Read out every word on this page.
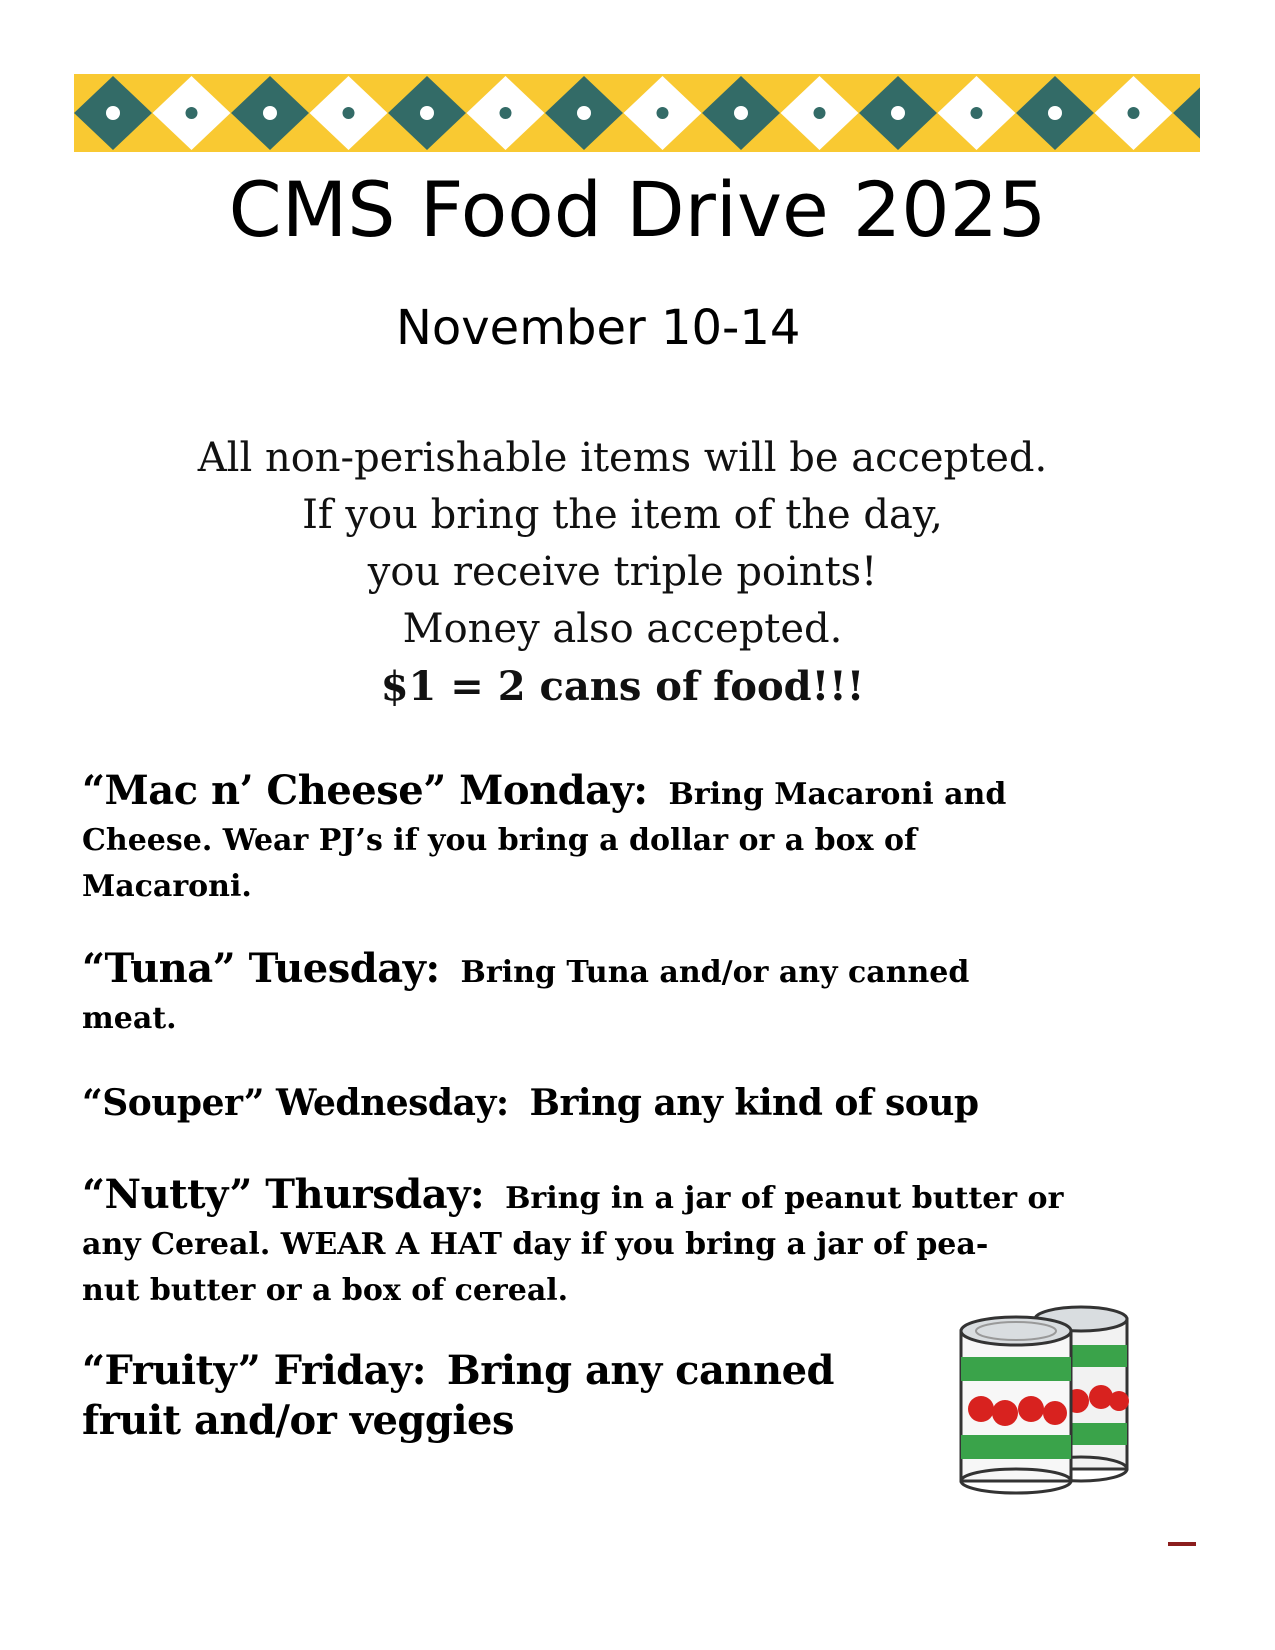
CMS Food Drive 2025
November 10-14
All non-perishable items will be accepted.
If you bring the item of the day,
you receive triple points!
Money also accepted.
$1 = 2 cans of food!!!
“Mac n’ Cheese” Monday: Bring Macaroni and
Cheese. Wear PJ’s if you bring a dollar or a box of
Macaroni.
“Tuna” Tuesday: Bring Tuna and/or any canned
meat.
“Souper” Wednesday: Bring any kind of soup
“Nutty” Thursday: Bring in a jar of peanut butter or
any Cereal. WEAR A HAT day if you bring a jar of pea-
nut butter or a box of cereal.
“Fruity” Friday: Bring any canned
fruit and/or veggies
